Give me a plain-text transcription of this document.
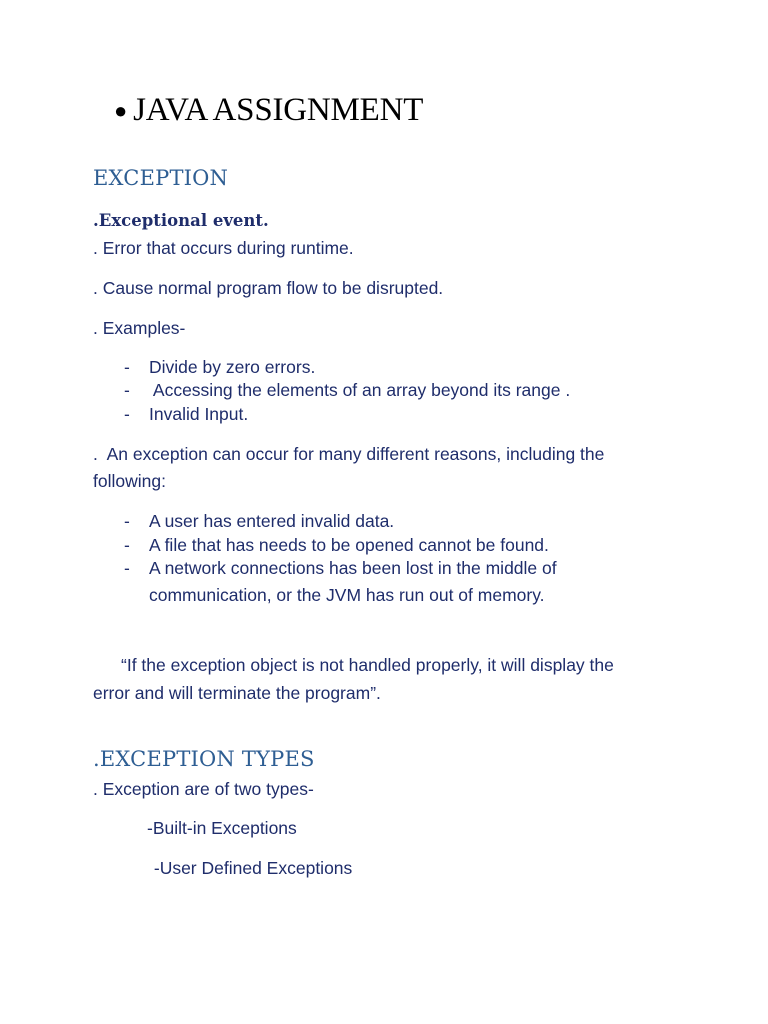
● JAVA ASSIGNMENT
EXCEPTION
.Exceptional event.
. Error that occurs during runtime.
. Cause normal program flow to be disrupted.
. Examples-
- Divide by zero errors.
- Accessing the elements of an array beyond its range .
- Invalid Input.
.  An exception can occur for many different reasons, including the
following:
- A user has entered invalid data.
- A file that has needs to be opened cannot be found.
- A network connections has been lost in the middle of
communication, or the JVM has run out of memory.
“If the exception object is not handled properly, it will display the
error and will terminate the program”.
.EXCEPTION TYPES
. Exception are of two types-
-Built-in Exceptions
-User Defined Exceptions
